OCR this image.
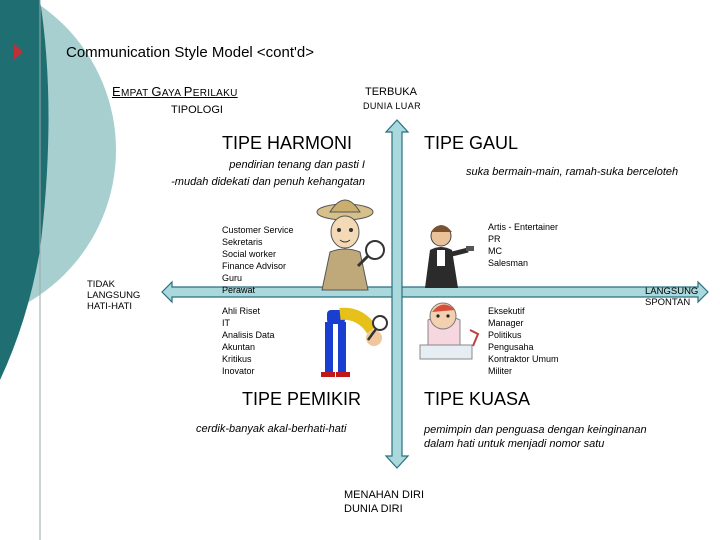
Communication Style Model <cont'd>
EMPAT GAYA PERILAKU
TIPOLOGI
TERBUKA
DUNIA LUAR
TIPE HARMONI	TIPE GAUL
TIPE PEMIKIR	TIPE KUASA
pendirian tenang dan pasti I
-mudah didekati dan penuh kehangatan
suka bermain-main, ramah-suka berceloteh
Customer Service
Sekretaris
Social worker
Finance Advisor
Guru
Perawat
Artis - Entertainer
PR
MC
Salesman
Ahli Riset
IT
Analisis Data
Akuntan
Kritikus
Inovator
Eksekutif
Manager
Politikus
Pengusaha
Kontraktor Umum
Militer
TIDAK
LANGSUNG
HATI-HATI
LANGSUNG
SPONTAN
cerdik-banyak akal-berhati-hati	pemimpin dan penguasa dengan keinginanan
dalam hati untuk menjadi nomor satu
MENAHAN DIRI
DUNIA DIRI
